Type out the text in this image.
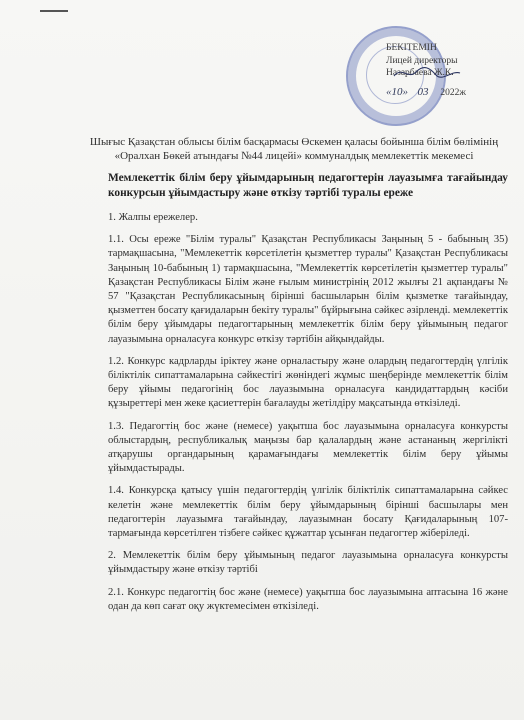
БЕКІТЕМІН
Лицей директоры
Назарбаева Ж.К.
«10» 03 2022ж
Шығыс Қазақстан облысы білім басқармасы Өскемен қаласы бойынша білім бөлімінің «Оралхан Бөкей атындағы №44 лицейі» коммуналдық мемлекеттік мекемесі
Мемлекеттік білім беру ұйымдарының педагогтерін лауазымға тағайындау конкурсын ұйымдастыру және өткізу тәртібі туралы ереже

1. Жалпы ережелер.

1.1. Осы ереже "Білім туралы" Қазақстан Республикасы Заңының 5 - бабының 35) тармақшасына, "Мемлекеттік көрсетілетін қызметтер туралы" Қазақстан Республикасы Заңының 10-бабының 1) тармақшасына, "Мемлекеттік көрсетілетін қызметтер туралы" Қазақстан Республикасы Білім және ғылым министрінің 2012 жылғы 21 ақпандағы № 57 "Қазақстан Республикасының бірінші басшыларын білім қызметке тағайындау, қызметтен босату қағидаларын бекіту туралы" бұйрығына сәйкес әзірленді. мемлекеттік білім беру ұйымдары педагогтарының мемлекеттік білім беру ұйымының педагог лауазымына орналасуға конкурс өткізу тәртібін айқындайды.

1.2. Конкурс кадрларды іріктеу және орналастыру және олардың педагогтердің үлгілік біліктілік сипаттамаларына сәйкестігі жөніндегі жұмыс шеңберінде мемлекеттік білім беру ұйымы педагогінің бос лауазымына орналасуға кандидаттардың кәсіби құзыреттері мен жеке қасиеттерін бағалауды жетілдіру мақсатында өткізіледі.

1.3. Педагогтің бос және (немесе) уақытша бос лауазымына орналасуға конкурсты облыстардың, республикалық маңызы бар қалалардың және астананың жергілікті атқарушы органдарының қарамағындағы мемлекеттік білім беру ұйымы ұйымдастырады.

1.4. Конкурсқа қатысу үшін педагогтердің үлгілік біліктілік сипаттамаларына сәйкес келетін және мемлекеттік білім беру ұйымдарының бірінші басшылары мен педагогтерін лауазымға тағайындау, лауазымнан босату Қағидаларының 107-тармағында көрсетілген тізбеге сәйкес құжаттар ұсынған педагогтер жіберіледі.

2. Мемлекеттік білім беру ұйымының педагог лауазымына орналасуға конкурсты ұйымдастыру және өткізу тәртібі

2.1. Конкурс педагогтің бос және (немесе) уақытша бос лауазымына аптасына 16 және одан да көп сағат оқу жүктемесімен өткізіледі.
